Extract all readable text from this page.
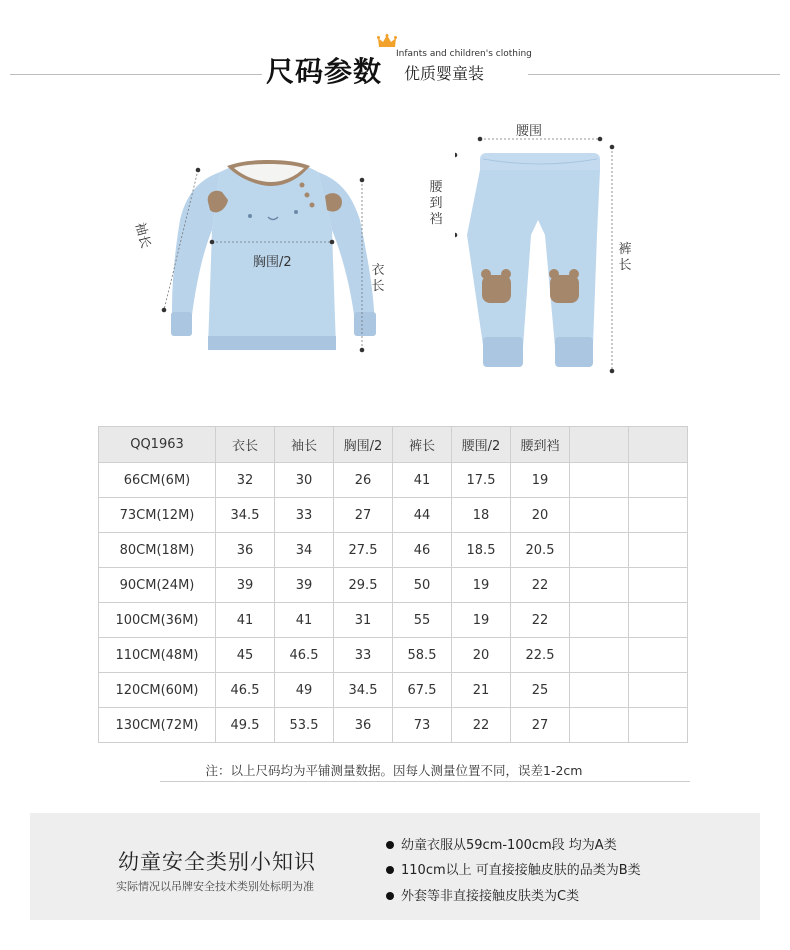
尺码参数
Infants and children's clothing
优质婴童装
袖长
胸围/2
衣长
腰围
腰到裆
裤长
QQ1963	衣长	袖长	胸围/2	裤长	腰围/2	腰到裆		
66CM(6M)	32	30	26	41	17.5	19		
73CM(12M)	34.5	33	27	44	18	20		
80CM(18M)	36	34	27.5	46	18.5	20.5		
90CM(24M)	39	39	29.5	50	19	22		
100CM(36M)	41	41	31	55	19	22		
110CM(48M)	45	46.5	33	58.5	20	22.5		
120CM(60M)	46.5	49	34.5	67.5	21	25		
130CM(72M)	49.5	53.5	36	73	22	27		
注：以上尺码均为平铺测量数据。因每人测量位置不同，误差1-2cm
幼童安全类别小知识
实际情况以吊牌安全技术类别处标明为准
幼童衣服从59cm-100cm段 均为A类
110cm以上 可直接接触皮肤的品类为B类
外套等非直接接触皮肤类为C类
